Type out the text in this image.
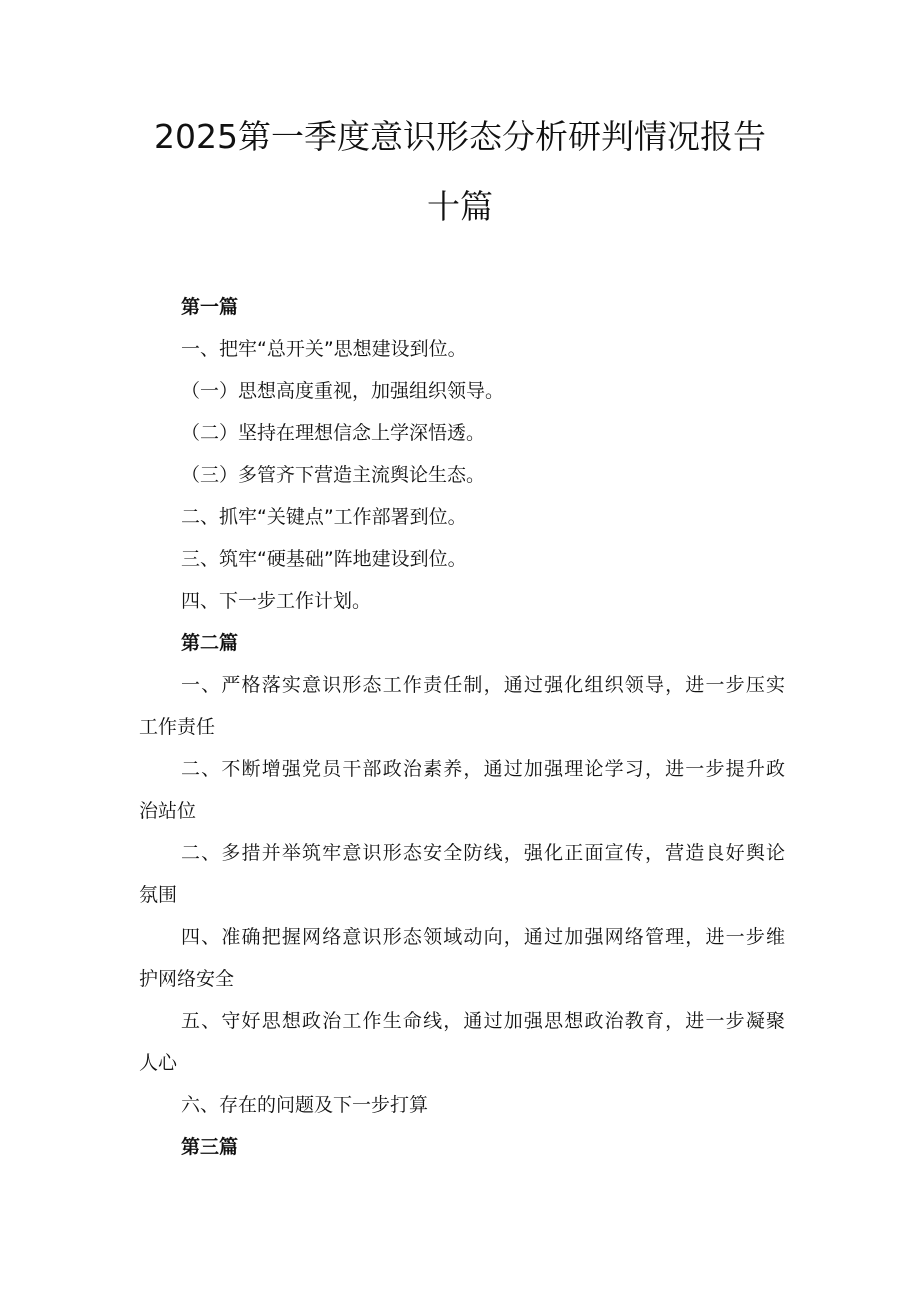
2025第一季度意识形态分析研判情况报告
十篇
第一篇
一、把牢“总开关”思想建设到位。
（一）思想高度重视，加强组织领导。
（二）坚持在理想信念上学深悟透。
（三）多管齐下营造主流舆论生态。
二、抓牢“关键点”工作部署到位。
三、筑牢“硬基础”阵地建设到位。
四、下一步工作计划。
第二篇
一、严格落实意识形态工作责任制，通过强化组织领导，进一步压实
工作责任
二、不断增强党员干部政治素养，通过加强理论学习，进一步提升政
治站位
二、多措并举筑牢意识形态安全防线，强化正面宣传，营造良好舆论
氛围
四、准确把握网络意识形态领域动向，通过加强网络管理，进一步维
护网络安全
五、守好思想政治工作生命线，通过加强思想政治教育，进一步凝聚
人心
六、存在的问题及下一步打算
第三篇
